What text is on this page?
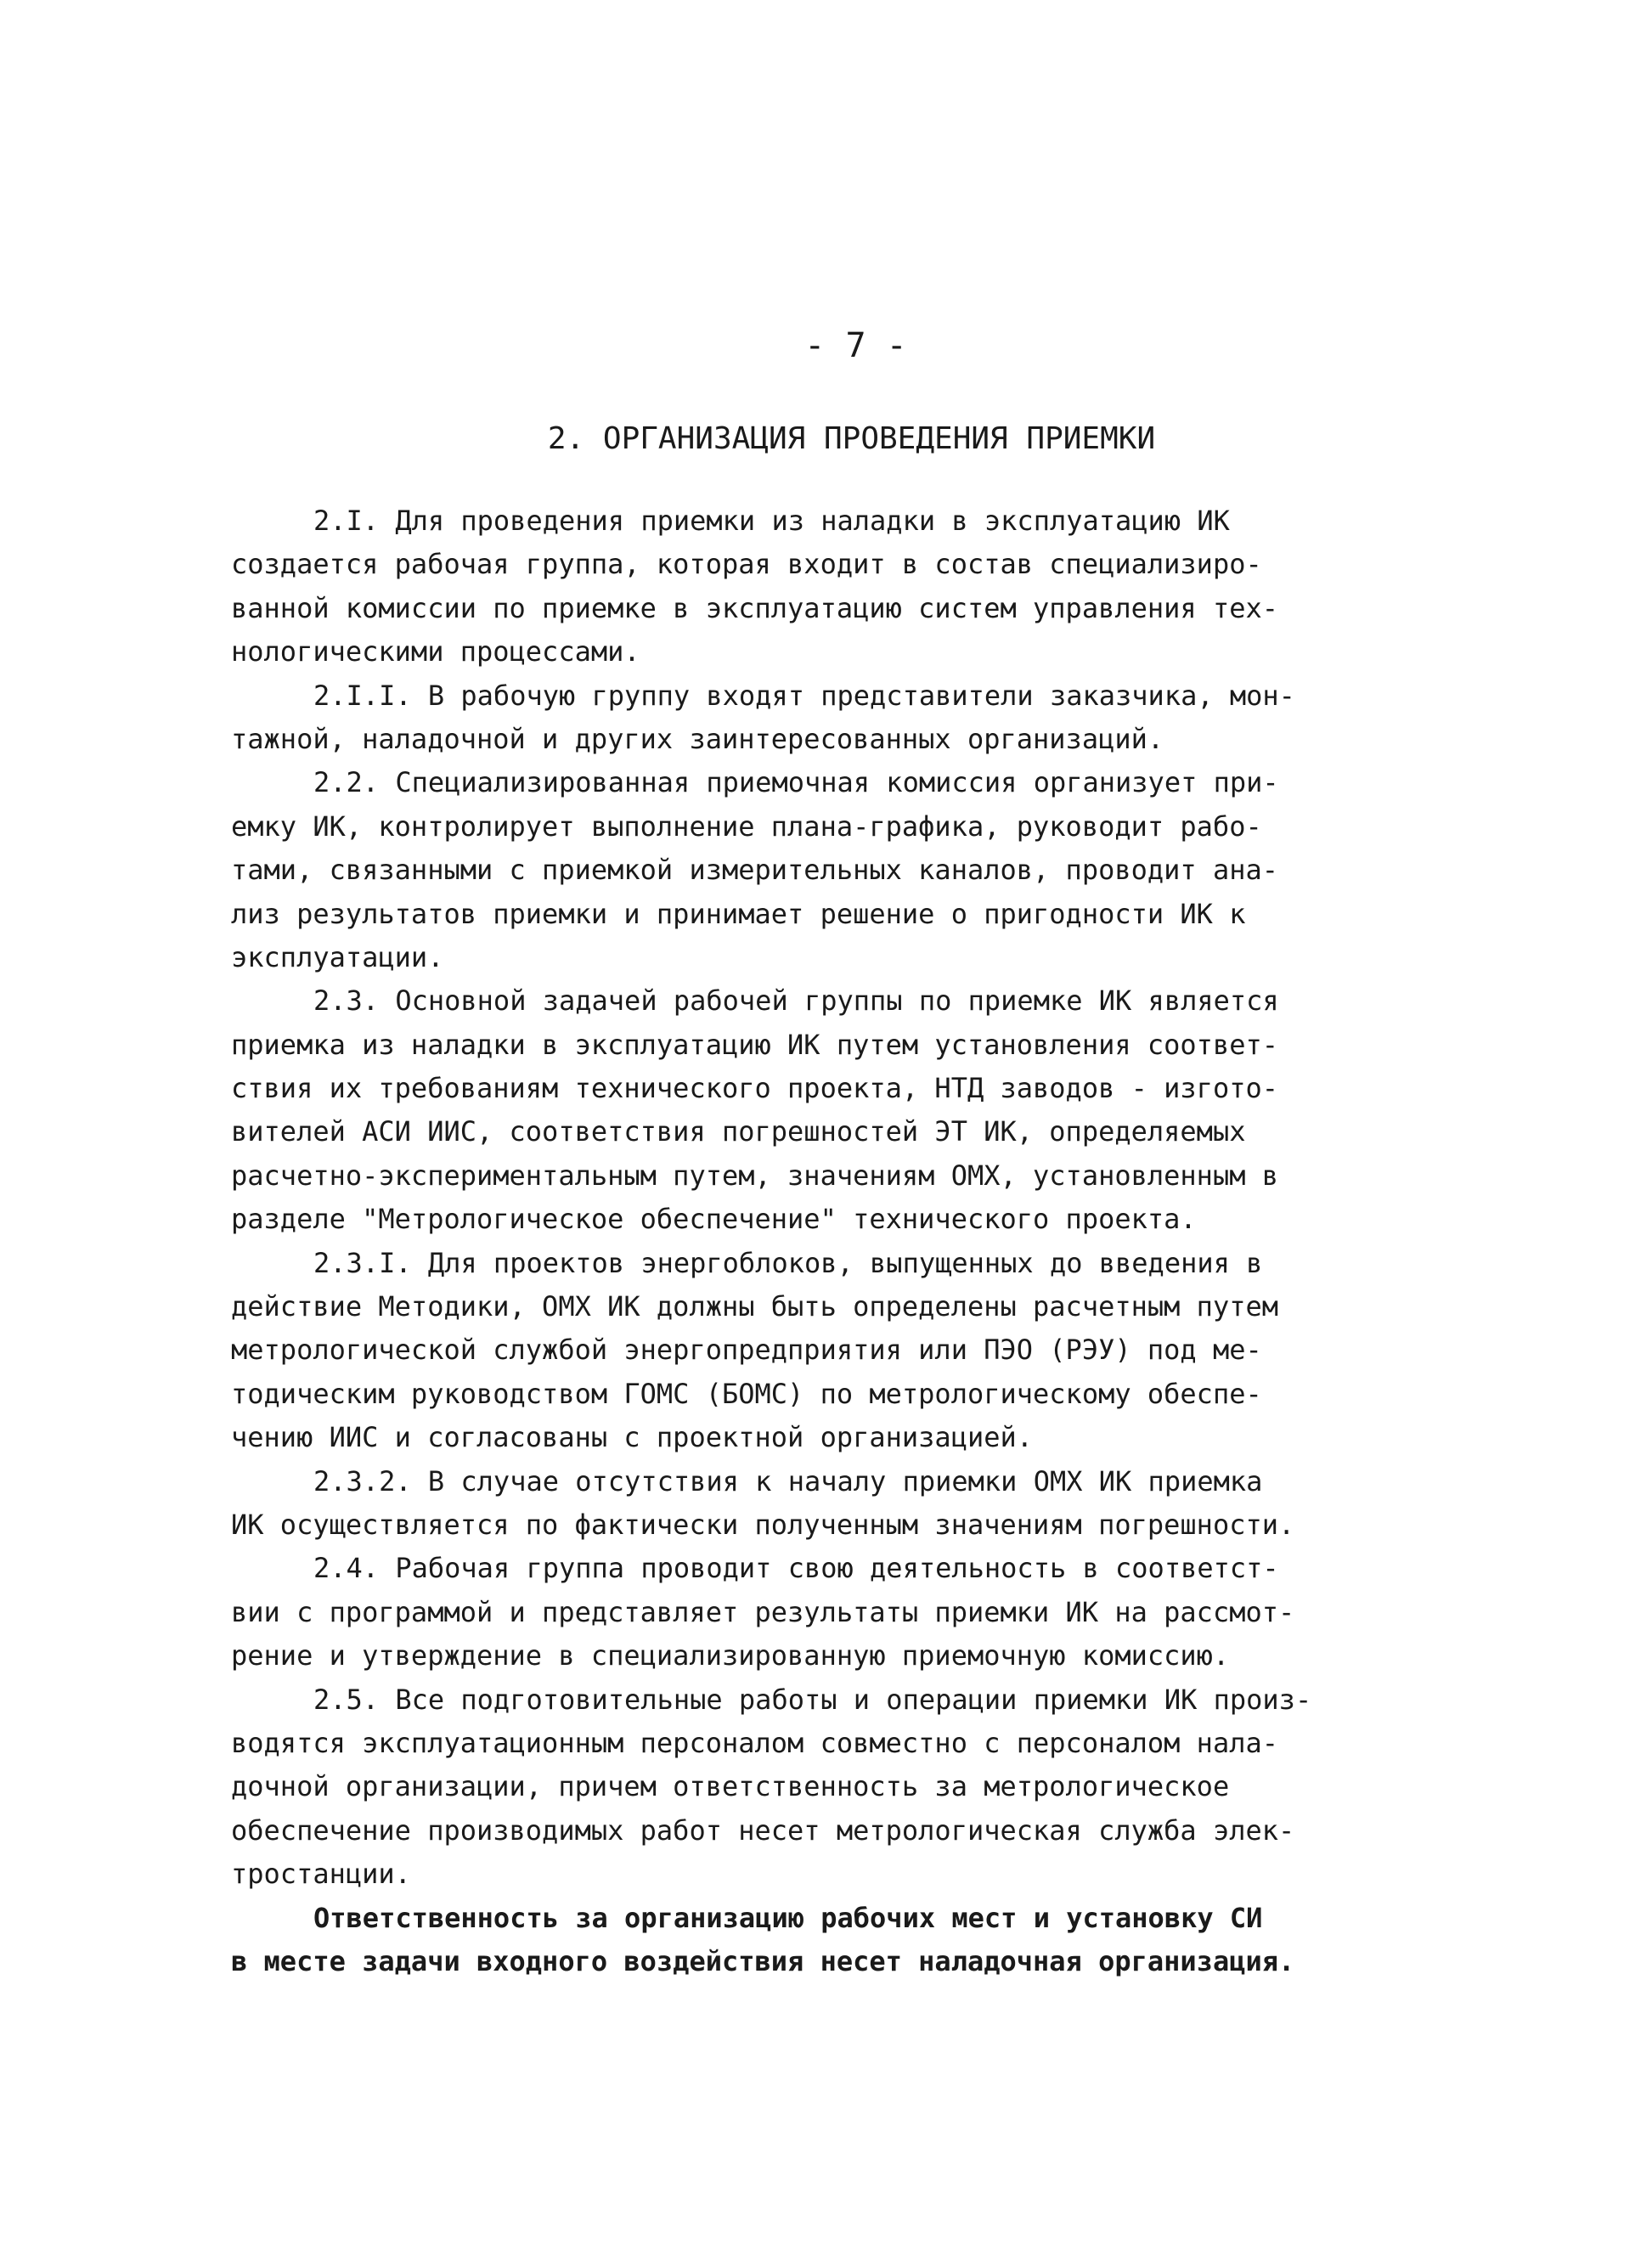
- 7 -
2. ОРГАНИЗАЦИЯ ПРОВЕДЕНИЯ ПРИЕМКИ
2.I. Для проведения приемки из наладки в эксплуатацию ИК
создается рабочая группа, которая входит в состав специализиро-
ванной комиссии по приемке в эксплуатацию систем управления тех-
нологическими процессами.
2.I.I. В рабочую группу входят представители заказчика, мон-
тажной, наладочной и других заинтересованных организаций.
2.2. Специализированная приемочная комиссия организует при-
емку ИК, контролирует выполнение плана-графика, руководит рабо-
тами, связанными с приемкой измерительных каналов, проводит ана-
лиз результатов приемки и принимает решение о пригодности ИК к
эксплуатации.
2.3. Основной задачей рабочей группы по приемке ИК является
приемка из наладки в эксплуатацию ИК путем установления соответ-
ствия их требованиям технического проекта, НТД заводов - изгото-
вителей АСИ ИИС, соответствия погрешностей ЭТ ИК, определяемых
расчетно-экспериментальным путем, значениям ОМХ, установленным в
разделе "Метрологическое обеспечение" технического проекта.
2.3.I. Для проектов энергоблоков, выпущенных до введения в
действие Методики, ОМХ ИК должны быть определены расчетным путем
метрологической службой энергопредприятия или ПЭО (РЭУ) под ме-
тодическим руководством ГОМС (БОМС) по метрологическому обеспе-
чению ИИС и согласованы с проектной организацией.
2.3.2. В случае отсутствия к началу приемки ОМХ ИК приемка
ИК осуществляется по фактически полученным значениям погрешности.
2.4. Рабочая группа проводит свою деятельность в соответст-
вии с программой и представляет результаты приемки ИК на рассмот-
рение и утверждение в специализированную приемочную комиссию.
2.5. Все подготовительные работы и операции приемки ИК произ-
водятся эксплуатационным персоналом совместно с персоналом нала-
дочной организации, причем ответственность за метрологическое
обеспечение производимых работ несет метрологическая служба элек-
тростанции.
Ответственность за организацию рабочих мест и установку СИ
в месте задачи входного воздействия несет наладочная организация.
